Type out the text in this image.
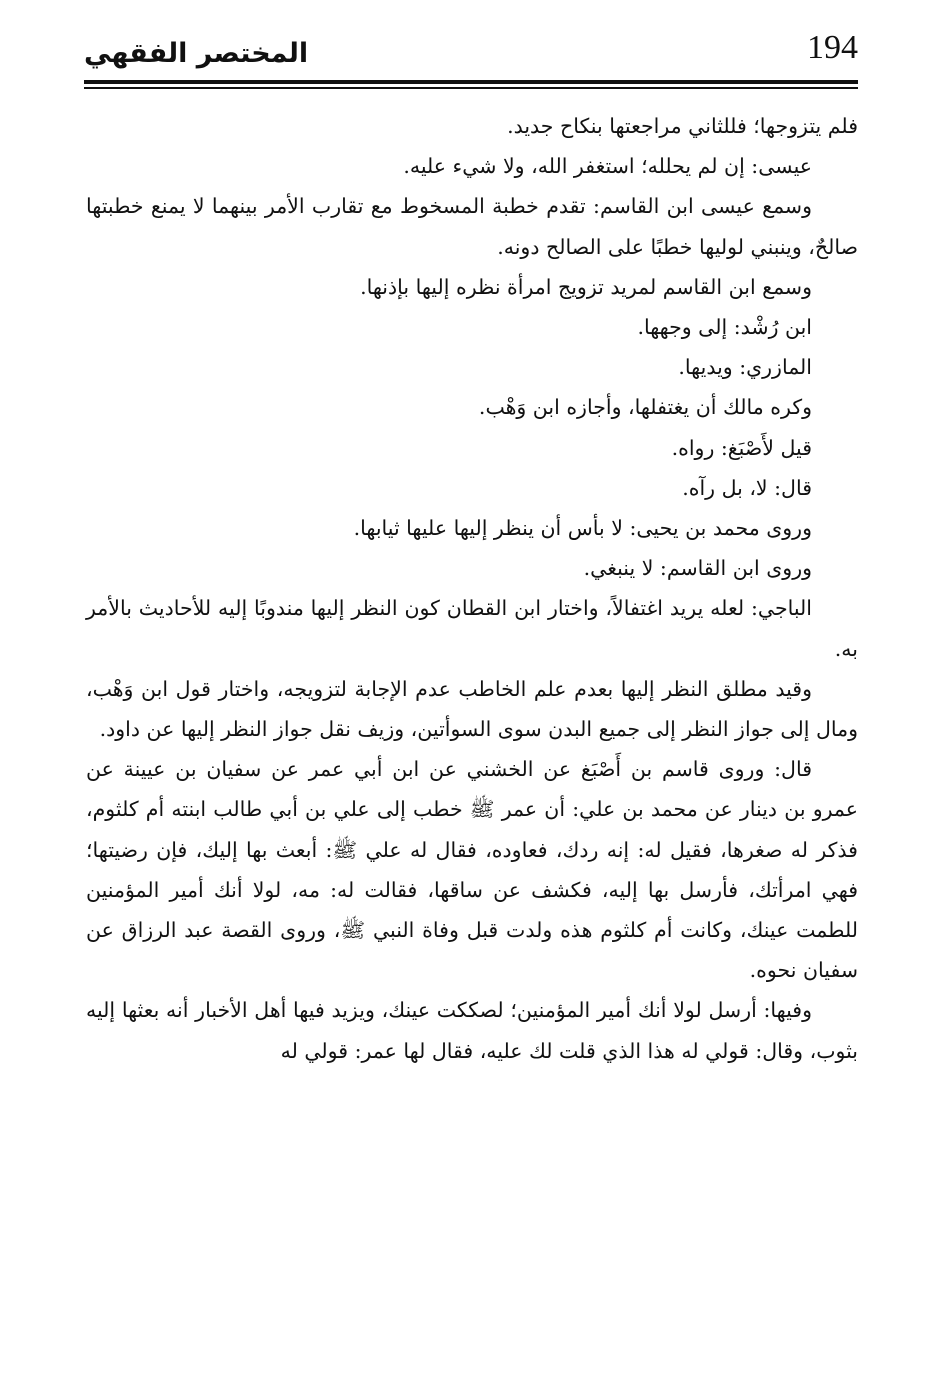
194
المختصر الفقهي

فلم يتزوجها؛ فللثاني مراجعتها بنكاح جديد.

عيسى: إن لم يحلله؛ استغفر الله، ولا شيء عليه.

وسمع عيسى ابن القاسم: تقدم خطبة المسخوط مع تقارب الأمر بينهما لا يمنع خطبتها صالحٌ، وينبني لوليها خطبًا على الصالح دونه.

وسمع ابن القاسم لمريد تزويج امرأة نظره إليها بإذنها.

ابن رُشْد: إلى وجهها.

المازري: ويديها.

وكره مالك أن يغتفلها، وأجازه ابن وَهْب.

قيل لأَصْبَغ: رواه.

قال: لا، بل رآه.

وروى محمد بن يحيى: لا بأس أن ينظر إليها عليها ثيابها.

وروى ابن القاسم: لا ينبغي.

الباجي: لعله يريد اغتفالاً، واختار ابن القطان كون النظر إليها مندوبًا إليه للأحاديث بالأمر به.

وقيد مطلق النظر إليها بعدم علم الخاطب عدم الإجابة لتزويجه، واختار قول ابن وَهْب، ومال إلى جواز النظر إلى جميع البدن سوى السوأتين، وزيف نقل جواز النظر إليها عن داود.

قال: وروى قاسم بن أَصْبَغ عن الخشني عن ابن أبي عمر عن سفيان بن عيينة عن عمرو بن دينار عن محمد بن علي: أن عمر ﷺ خطب إلى علي بن أبي طالب ابنته أم كلثوم، فذكر له صغرها، فقيل له: إنه ردك، فعاوده، فقال له علي ﷺ: أبعث بها إليك، فإن رضيتها؛ فهي امرأتك، فأرسل بها إليه، فكشف عن ساقها، فقالت له: مه، لولا أنك أمير المؤمنين للطمت عينك، وكانت أم كلثوم هذه ولدت قبل وفاة النبي ﷺ، وروى القصة عبد الرزاق عن سفيان نحوه.

وفيها: أرسل لولا أنك أمير المؤمنين؛ لصككت عينك، ويزيد فيها أهل الأخبار أنه بعثها إليه بثوب، وقال: قولي له هذا الذي قلت لك عليه، فقال لها عمر: قولي له
